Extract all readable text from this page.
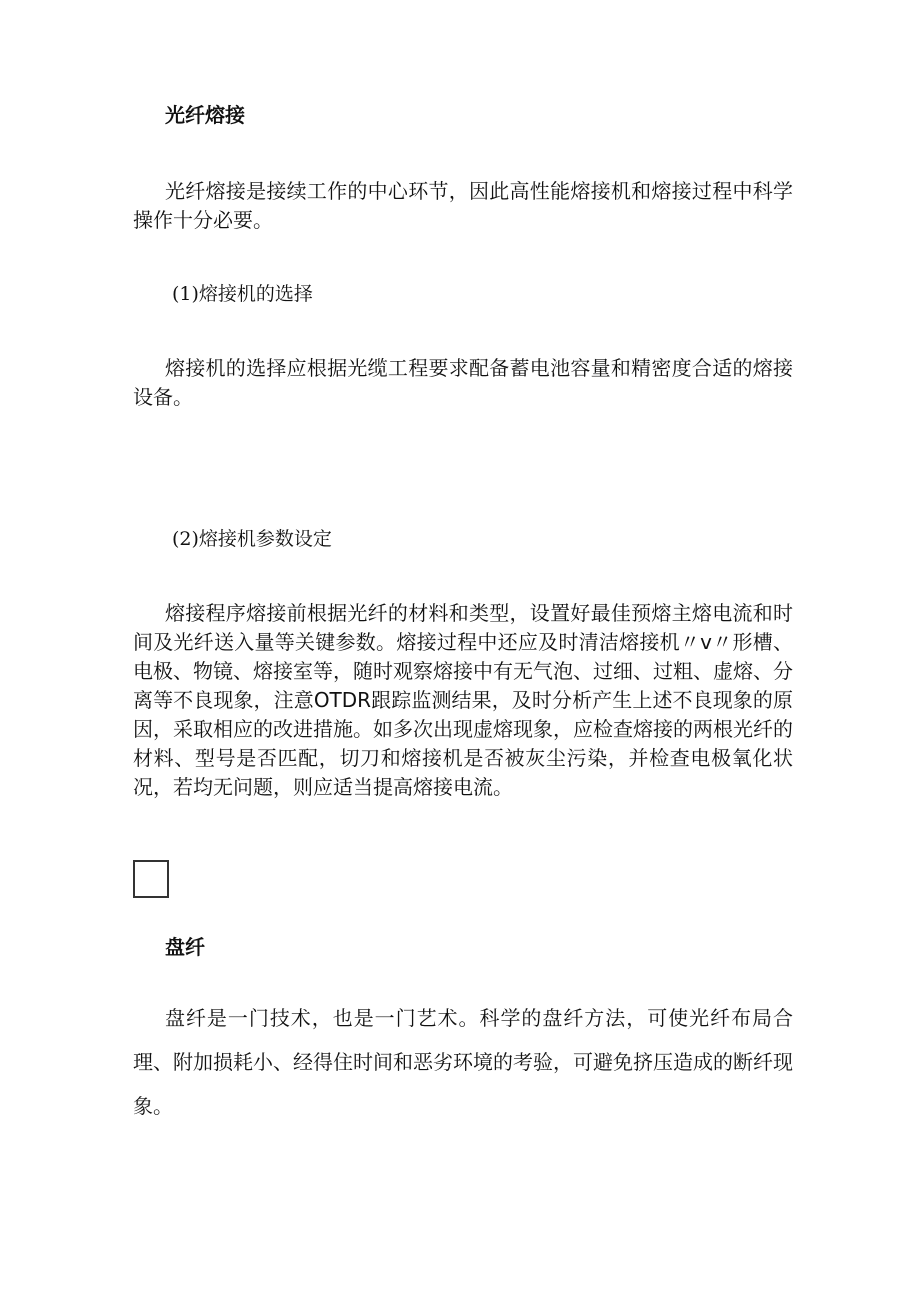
光纤熔接

光纤熔接是接续工作的中心环节，因此高性能熔接机和熔接过程中科学操作十分必要。

(1)熔接机的选择

熔接机的选择应根据光缆工程要求配备蓄电池容量和精密度合适的熔接设备。

(2)熔接机参数设定

熔接程序熔接前根据光纤的材料和类型，设置好最佳预熔主熔电流和时间及光纤送入量等关键参数。熔接过程中还应及时清洁熔接机〃v〃形槽、电极、物镜、熔接室等，随时观察熔接中有无气泡、过细、过粗、虚熔、分离等不良现象，注意OTDR跟踪监测结果，及时分析产生上述不良现象的原因，采取相应的改进措施。如多次出现虚熔现象，应检查熔接的两根光纤的材料、型号是否匹配，切刀和熔接机是否被灰尘污染，并检查电极氧化状况，若均无问题，则应适当提高熔接电流。

盘纤

盘纤是一门技术，也是一门艺术。科学的盘纤方法，可使光纤布局合理、附加损耗小、经得住时间和恶劣环境的考验，可避免挤压造成的断纤现象。
